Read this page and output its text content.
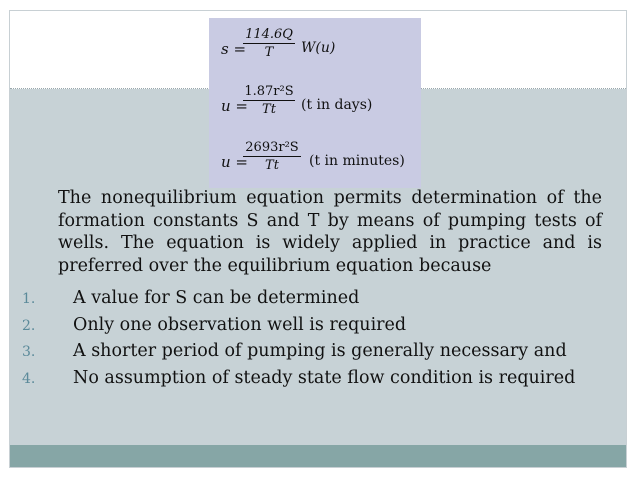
s =
$\frac{114.6Q}{T} W(u)$
u =
$\frac{\text{1.87r²S}}{Tt} (t$ in days)
u =
$\frac{\text{2693r²S}}{Tt} (t$ in minutes)
The nonequilibrium equation permits determination of the formation constants S and T by means of pumping tests of wells. The equation is widely applied in practice and is preferred over the equilibrium equation because
1. A value for S can be determined
2. Only one observation well is required
3. A shorter period of pumping is generally necessary and
4. No assumption of steady state flow condition is required
